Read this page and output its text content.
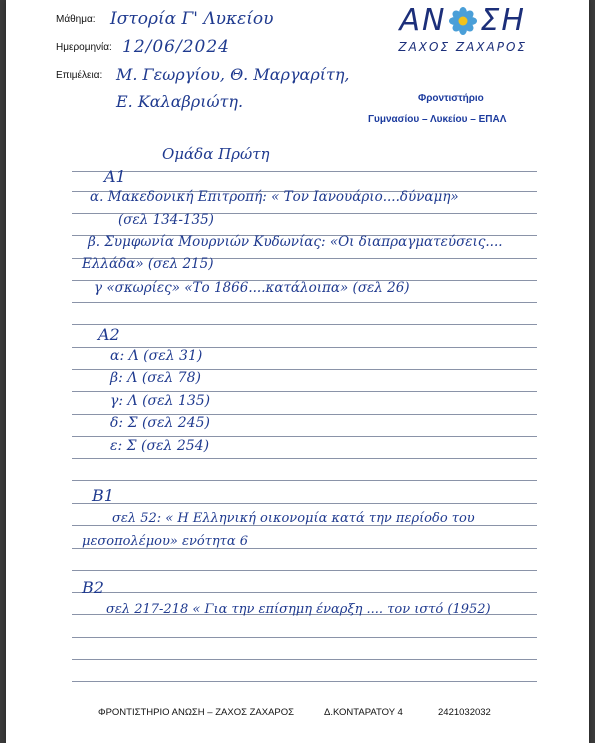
Μάθημα: Ιστορία Γ' Λυκείου
Ημερομηνία: 12/06/2024
Επιμέλεια: Μ. Γεωργίου, Θ. Μαργαρίτη,
Ε. Καλαβριώτη.
ΑΝ ΣΗ
ΖΑΧΟΣ ΖΑΧΑΡΟΣ
Φροντιστήριο
Γυμνασίου – Λυκείου – ΕΠΑΛ
Ομάδα Πρώτη
Α1
α. Μακεδονική Επιτροπή: « Τον Ιανουάριο....δύναμη»
(σελ 134-135)
β. Συμφωνία Μουρνιών Κυδωνίας: «Οι διαπραγματεύσεις....
Ελλάδα» (σελ 215)
γ «σκωρίες» «Το 1866....κατάλοιπα» (σελ 26)
Α2
α: Λ (σελ 31)
β: Λ (σελ 78)
γ: Λ (σελ 135)
δ: Σ (σελ 245)
ε: Σ (σελ 254)
Β1
σελ 52: « Η Ελληνική οικονομία κατά την περίοδο του
μεσοπολέμου» ενότητα 6
Β2
σελ 217-218 « Για την επίσημη έναρξη .... τον ιστό (1952)
ΦΡΟΝΤΙΣΤΗΡΙΟ ΑΝΩΣΗ – ΖΑΧΟΣ ΖΑΧΑΡΟΣ	Δ.ΚΟΝΤΑΡΑΤΟΥ 4	2421032032
